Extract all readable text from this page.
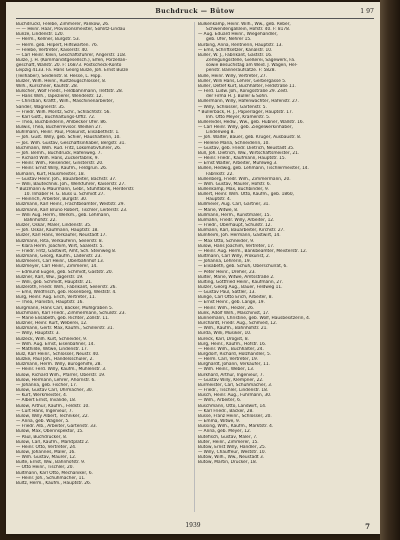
Buchdruck — Bütow	1 97
Buchdruckl, Felebe, Zimmerer, Pankow, 26.
— — Heinr. Haar, Provisionsmeister, Söhlitz-Lindau
Bunze, Lindenstr. 120.
— Herm., Kellner, Burgstr. 53.
— Herm. geb. Hilpert, Hilfswarten. 76.
— Felebe, Vertreter, Kaiserstr. 40.
— Carl Heinr. Klein, Geschäftsführer, Angerstr. 118.
Bulze, J. H. (Kommanditgesellsch.), Elfen, Porzellan-
geschäft, Wallstr. 20. F: 16873. Postscheck-Konto
Leipzig 4133. Fa. Hans Georg Bulze, Joh. Ernst Bulze
(Teilhaber), Seidenstr. 8. Hesse, L. Hipp.
Bulzer, Wilh. Heinr., Rüstzeugschlosser, 8.
Wilh., Kürschner, Kaufstr. 28.
Bülscher, Wolf Friedr., Feldbahnmann, Trettstr. 28.
— Hans Wilh., Tapezierer, Wendelstr. 12.
— Christian, Kraftf., Wilh., Maschinenarbeiter,
Sander, Wagnerstr. 35.
— Friedr. Wilh. Moritz, Schr., Schlachtstr. 56.
— Karl Gott., Buchhaltungs-Offiz. 72.
— Thea, Buchbinderin, Ahlbecker Ufer. 86.
Bülwis, Thea, Bücherrevisor. Weißen 27.
Bühlmann, Heinr. Paul, Prokurist, Elisabethstr. 1.
— Joh. Gust. Willy, geb. Schier, Haushälterin, 10.
— Jos. Wilh. Gustav, Geschäftsinhaber, Bergstr. 31.
Büchmann, Wilh. Rud. Fritz, Lokomotivführer, 26.
— Joh. Bernh., Buchdruck, Hafenweg. 7.
— Richard Wilh. Hans, Zuckerfabrik, 9.
— Heinr. Wilh., Reisender, Ginsterstr. 20.
— Heinr. Ernst Willy, Kaufm., Feldgrün. 26.
Bümann, Kurt, Hausmeister, 18.
— Gustav Heinr. Joh., Bauarbeiter, Bachstr. 37.
— Willi, Bautechnik. Joh., Werkführer, Kaiserstr. 27.
* Bülzmann & Maurmann, Gebr., Stuhlfabrik, Herderstr.
10. Inhaber H. G. Buss u. Schmidt 27.
— Heinrich, Arbeiter, Burgstr. 30.
Bülzmann, Karl Heinr., Frachtbeamter, Weststr. 29.
Bülzmann, Karl Bruno Robert, Tischler, Leiterstr. 23.
— Willi Aug. Herm., Werkm., geb. Lehmann,
Bahnhofstr. 22.
Bülzer, Oskar, Maler, Lindenstr. 35.
— Joh. Oskar, Kaufmann, Hauptstr. 18.
Bulzer, Karl Hans, Verkäufer, Neustadt 17.
Bulzmann, Rita, Verkäuferin, Seilerstr. 8.
— Klara Herm. Joachim, Wirt, Saalestr. 5.
— Friedr. Fritz, Gastwirt, Amt, Sch. Steinweg 8.
Bülzmann, Georg, Kaufm., Ladenstr. 23.
Bülzmeiers, Carl Heinr., Oberbahnhof 13.
Bülzmeyer, Carl Heinr., Zimmerer, 14.
— Edmund Eugen, geb. Schmidt, Gaststr. 20.
Bülzner, Karl, Ww., Jägerstr. 19.
— Willi, geb. Schmidt, Hauptstr. 21.
Bülzeroth, Friedr. Wilh., Fabrikant, Seilerstr. 26.
— Emil, Wildfrisch, geb. Rosenberg, Weststr. 4.
Burg, Heinr. Aug. Erich, Vertreter, 11.
— Thea, Pianistin, Hauptstr. 16.
Burgmann, Hans Carl, Bäcker, Mühlgraben 5.
Buchmann, Karl Friedr., Zimmermann, Schulstr. 23.
— Marie Elisabeth, geb. Richter, Zollstr. 11.
Bulzner, Heinr. Kurt, Weberei, 12.
Bulzmann, Gertr. Max, Kaufm., Schillerstr. 31.
— Willy, Hauptstr. 3.
Bülzeck, Wilh. Kurt, Schneider, 9.
— Wilh. Aug. Ernst, Eisenbahner, 14.
— Mathilde, Witwe, Lindenstr. 17.
Bülz, Karl Heinr., Schlosser, Neustr. 40.
Bülzke, Paul Joh., Handelsschüler, 2.
Bülzmann, Herm. Willy, Bürogehilfe, 28.
— Heinr. Ferd. Willy, Kaufm., Mühlenstr. 3.
Bülow, Richard Wilh., Pfarrer, Oberstr. 19.
Bülow, Hermann, Lehrer, Ahornstr. 6.
— Johanna, geb. Fischer, 17.
Bülow, Gustav Carl, Uhrmacher, 30.
— Kurt, Werkmeister, 4.
— Albert Ernst, Invalide, 18.
Bülow, Arthur, Kaufm., Feldstr. 10.
— Curt Hans, Ingenieur, 7.
Bülow, Willy Albert, Techniker, 22.
— Anna, geb. Wagner, 5.
— Friedr. Alb., Arbeiter, Gartenstr. 33.
Bülow, Max, Oberinspektor, 15.
— Paul, Buchdrucker, 8.
Bülow, Carl, Kaufm., Marktplatz 2.
— Heinr. Otto, Vertreter, 24.
Bülow, Johannes, Maler, 16.
— Wilh. Gustav, Maurer, 12.
Bülte, Ernst, Ww., Bahnhofstr. 9.
— Otto Heinr., Tischler, 20.
Bültmann, Karl Otto, Mechaniker, 6.
— Heinr. Joh., Schuhmacher, 11.
Bültz, Herm., Kaufm., Hauptstr. 26.
Bulkenkamp, Heinr. Wilh., Ww., geb. Reber,
Schwendengäßlein, Hofstr. 40. F: 8178.
— Aug. Eduard Heinr., Wiegehändler,
geb. Ufer, Nehrer 15.
Burbing, Anna, Rentnerin, Hauptstr. 13.
— Emil, Schriftsetzer, Kanalstr. 10.
Büller, W. J., Fabrikant, Gaststr. 16.
Zerlegungsstelle, Gießerei, Sägewerk, Fa.
sowie Besuchstag am Weid. J. Wagen, Hel-
penstr. Banneraufsätze. F: 5828.
Bülle, Heinr. Willy, Vertreter, 27.
Büller, Willi Hans, Lehrer, Gerbergasse 5.
Büller, Detlef Kurt, Buchhalter, Feldstraße 11.
— Ferd. Ludw. Joh., Königsstraße 29. Zeitl.
der Firma H. J. Büller & Sohn.
Bullermann, Willy, Hafenwächter, Hafenstr. 27.
— Willy, Schlosser, Gartenstr. 5.
* Bullerbäck, H. J., Papierlager, Hauptstr. 17.
Inh. Otto Meyer, Krämerstr. 5.
Bullereidel, Hedw., Ww., geb. Hübner, Wallstr. 16.
— Carl Heinr. Willy, geb. Ziegelwerkinhaber,
Lindenweg 8.
— Joh. Walter, Bauer, geb. Krüger, Ausbaustr. 8.
— Helene Maria, Schneiderin, 10.
— Gustav, geb. Friedr. Dietrich, Neustadt 35.
Bull, Joh. Dietrich, Ww., Wirtschaftsmeister, 21.
— Heinr. Friedr., Kaufmann, Hauptstr. 15.
— Ernst Walter, Arbeiter, Mühlweg 3.
Bullen, Hedwig, geb. Lehmann, Tischlermeister, 14.
Fabrikstr. 22.
Bullenberg, Friedr. Wilh., Zimmermann, 20.
— Wilh. Gustav, Maurer, Hofstr. 6.
Bullenkamp, Max, Buchbinder, 9.
Büllert, Heinr. Wilh. Otto, Kaufm., geb. 1860,
Hauptstr. 4.
Bullmeier, Aug. Carl, Gärtner, 31.
— Marie, Witwe, 8.
Bullmann, Herm., Kunstmaler, 15.
Bulmahn, Friedr. Willy, Arbeiter, 12.
— Friedr., Oberhaupt, Schulstr. 12.
Bulmann, Karl, Bauarbeiter, Kirchstr. 27.
Bulnheim, Joh. Hermann, Gastwirt, 14.
— Max Otto, Schneider, 9.
Bulow, Hans Joachim, Vertreter, 17.
— Heinr. Aug. Herm., Bankbeamter, Meisterstr. 12.
Bultmann, Carl Willy, Prokurist, 2.
— Johanna, Lehrerin, 19.
— Elisabeth, geb. Schuh, Oberschulrat, 6.
— Peter Heinr., Dreher, 23.
Bülter, Marie, Witwe, Amtsstraße 2.
Bülting, Gottfried Heinr., Kaufmann, 27.
Bulzer, Georg Aug., Bauer, Feldweg 11.
— Gustav Paul, Sattler, 13.
Bunge, Carl Otto Erich, Arbeiter, 8.
— Ernst Heinr., geb. Lange, 19.
— Heinr. Wilh., Heizer, 26.
Bunk, Adolf Wilh., Maschinist, 17.
Bunnemann, Christine, geb. Wolf, Hausbesitzerin, 4.
Burchardt, Friedr. Aug., Schmied, 12.
— Wilh., Kaufm., Bahnhofstr. 21.
Burda, Willi, Musiker, 10.
Bureck, Karl, Drogist, 8.
Burg, Heinr., Kaufm., Hofstr. 16.
— Heinr. Wilh., Buchhalter, 24.
Burgdorf, Richard, Holzhändler, 5.
— Herm. Carl, Vertreter, 19.
Burghardt, Johann, Verkäufer, 11.
— Wilh. Heinr., Weber, 13.
Burkhard, Arthur, Ingenieur, 7.
— Gustav Willy, Klempner, 22.
Burmeister, Carl, Schuhmacher, 3.
— Friedr., Tischler, Lindenstr. 18.
Busch, Heinr. Aug., Fuhrmann, 30.
— Wilh., Arbeiter, 6.
Buschmann, Otto, Landwirt, 14.
— Karl Friedr., Bäcker, 28.
Busse, Franz Heinr., Schlosser, 20.
— Emma, Witwe, 9.
Büssing, Wilh., Kaufm., Marktstr. 4.
— Anna, geb. Meyer, 12.
Bütefisch, Gustav, Maler, 7.
Büter, Heinr., Zimmerer, 15.
Bütow, Ernst Willy, Händler, 25.
— Willy, Chauffeur, Weststr. 10.
Bütow, Wilh., Ww., Neustadt 3.
Bütow, Martin, Drucker, 18.
1939	7
